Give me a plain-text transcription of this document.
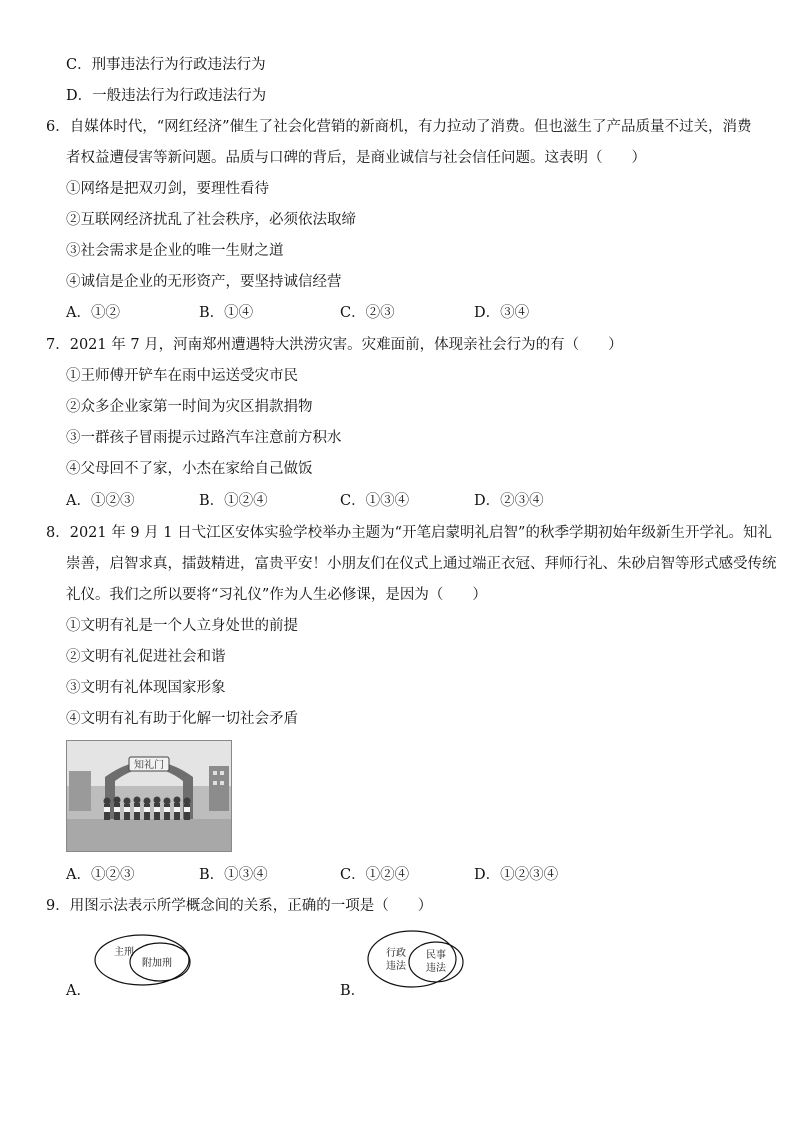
C．刑事违法行为行政违法行为
D．一般违法行为行政违法行为
6．自媒体时代，“网红经济”催生了社会化营销的新商机，有力拉动了消费。但也滋生了产品质量不过关，消费
者权益遭侵害等新问题。品质与口碑的背后，是商业诚信与社会信任问题。这表明（　　）
①网络是把双刃剑，要理性看待
②互联网经济扰乱了社会秩序，必须依法取缔
③社会需求是企业的唯一生财之道
④诚信是企业的无形资产，要坚持诚信经营
A．①②	B．①④	C．②③	D．③④
7．2021 年 7 月，河南郑州遭遇特大洪涝灾害。灾难面前，体现亲社会行为的有（　　）
①王师傅开铲车在雨中运送受灾市民
②众多企业家第一时间为灾区捐款捐物
③一群孩子冒雨提示过路汽车注意前方积水
④父母回不了家，小杰在家给自己做饭
A．①②③	B．①②④	C．①③④	D．②③④
8．2021 年 9 月 1 日弋江区安体实验学校举办主题为“开笔启蒙明礼启智”的秋季学期初始年级新生开学礼。知礼
崇善，启智求真，擂鼓精进，富贵平安！小朋友们在仪式上通过端正衣冠、拜师行礼、朱砂启智等形式感受传统
礼仪。我们之所以要将“习礼仪”作为人生必修课，是因为（　　）
①文明有礼是一个人立身处世的前提
②文明有礼促进社会和谐
③文明有礼体现国家形象
④文明有礼有助于化解一切社会矛盾
知礼门
A．①②③	B．①③④	C．①②④	D．①②③④
9．用图示法表示所学概念间的关系，正确的一项是（　　）
A．
主刑
附加刑
B．
行政
违法
民事
违法
